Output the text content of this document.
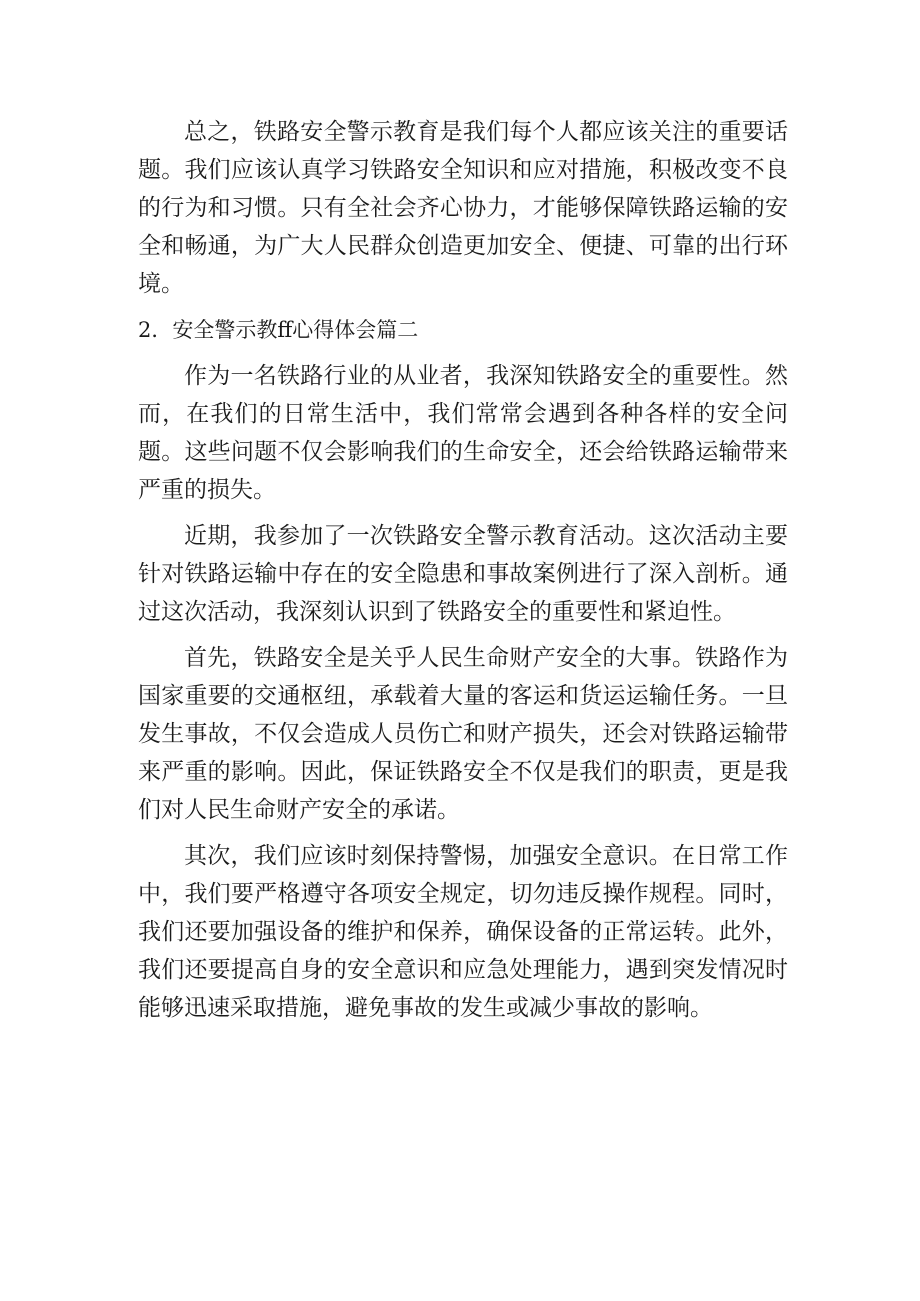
总之，铁路安全警示教育是我们每个人都应该关注的重要话题。我们应该认真学习铁路安全知识和应对措施，积极改变不良的行为和习惯。只有全社会齐心协力，才能够保障铁路运输的安全和畅通，为广大人民群众创造更加安全、便捷、可靠的出行环境。

2．安全警示教ff心得体会篇二

作为一名铁路行业的从业者，我深知铁路安全的重要性。然而，在我们的日常生活中，我们常常会遇到各种各样的安全问题。这些问题不仅会影响我们的生命安全，还会给铁路运输带来严重的损失。

近期，我参加了一次铁路安全警示教育活动。这次活动主要针对铁路运输中存在的安全隐患和事故案例进行了深入剖析。通过这次活动，我深刻认识到了铁路安全的重要性和紧迫性。

首先，铁路安全是关乎人民生命财产安全的大事。铁路作为国家重要的交通枢纽，承载着大量的客运和货运运输任务。一旦发生事故，不仅会造成人员伤亡和财产损失，还会对铁路运输带来严重的影响。因此，保证铁路安全不仅是我们的职责，更是我们对人民生命财产安全的承诺。

其次，我们应该时刻保持警惕，加强安全意识。在日常工作中，我们要严格遵守各项安全规定，切勿违反操作规程。同时，我们还要加强设备的维护和保养，确保设备的正常运转。此外，我们还要提高自身的安全意识和应急处理能力，遇到突发情况时能够迅速采取措施，避免事故的发生或减少事故的影响。
